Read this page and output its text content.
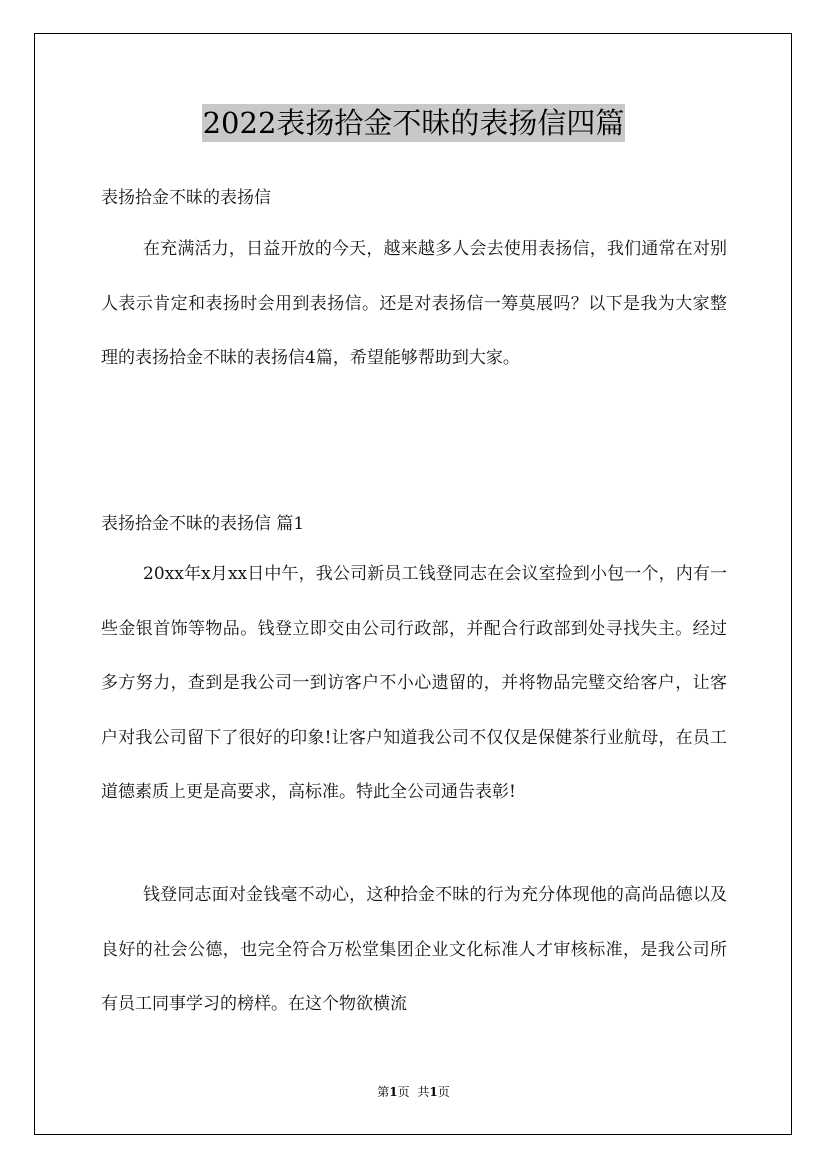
2022表扬拾金不昧的表扬信四篇
表扬拾金不昧的表扬信
在充满活力，日益开放的今天，越来越多人会去使用表扬信，我们通常在对别人表示肯定和表扬时会用到表扬信。还是对表扬信一筹莫展吗？以下是我为大家整理的表扬拾金不昧的表扬信4篇，希望能够帮助到大家。
表扬拾金不昧的表扬信 篇1
20xx年x月xx日中午，我公司新员工钱登同志在会议室捡到小包一个，内有一些金银首饰等物品。钱登立即交由公司行政部，并配合行政部到处寻找失主。经过多方努力，查到是我公司一到访客户不小心遗留的，并将物品完璧交给客户，让客户对我公司留下了很好的印象!让客户知道我公司不仅仅是保健茶行业航母，在员工道德素质上更是高要求，高标准。特此全公司通告表彰!
钱登同志面对金钱毫不动心，这种拾金不昧的行为充分体现他的高尚品德以及良好的社会公德，也完全符合万松堂集团企业文化标准人才审核标准，是我公司所有员工同事学习的榜样。在这个物欲横流
第1页 共1页
